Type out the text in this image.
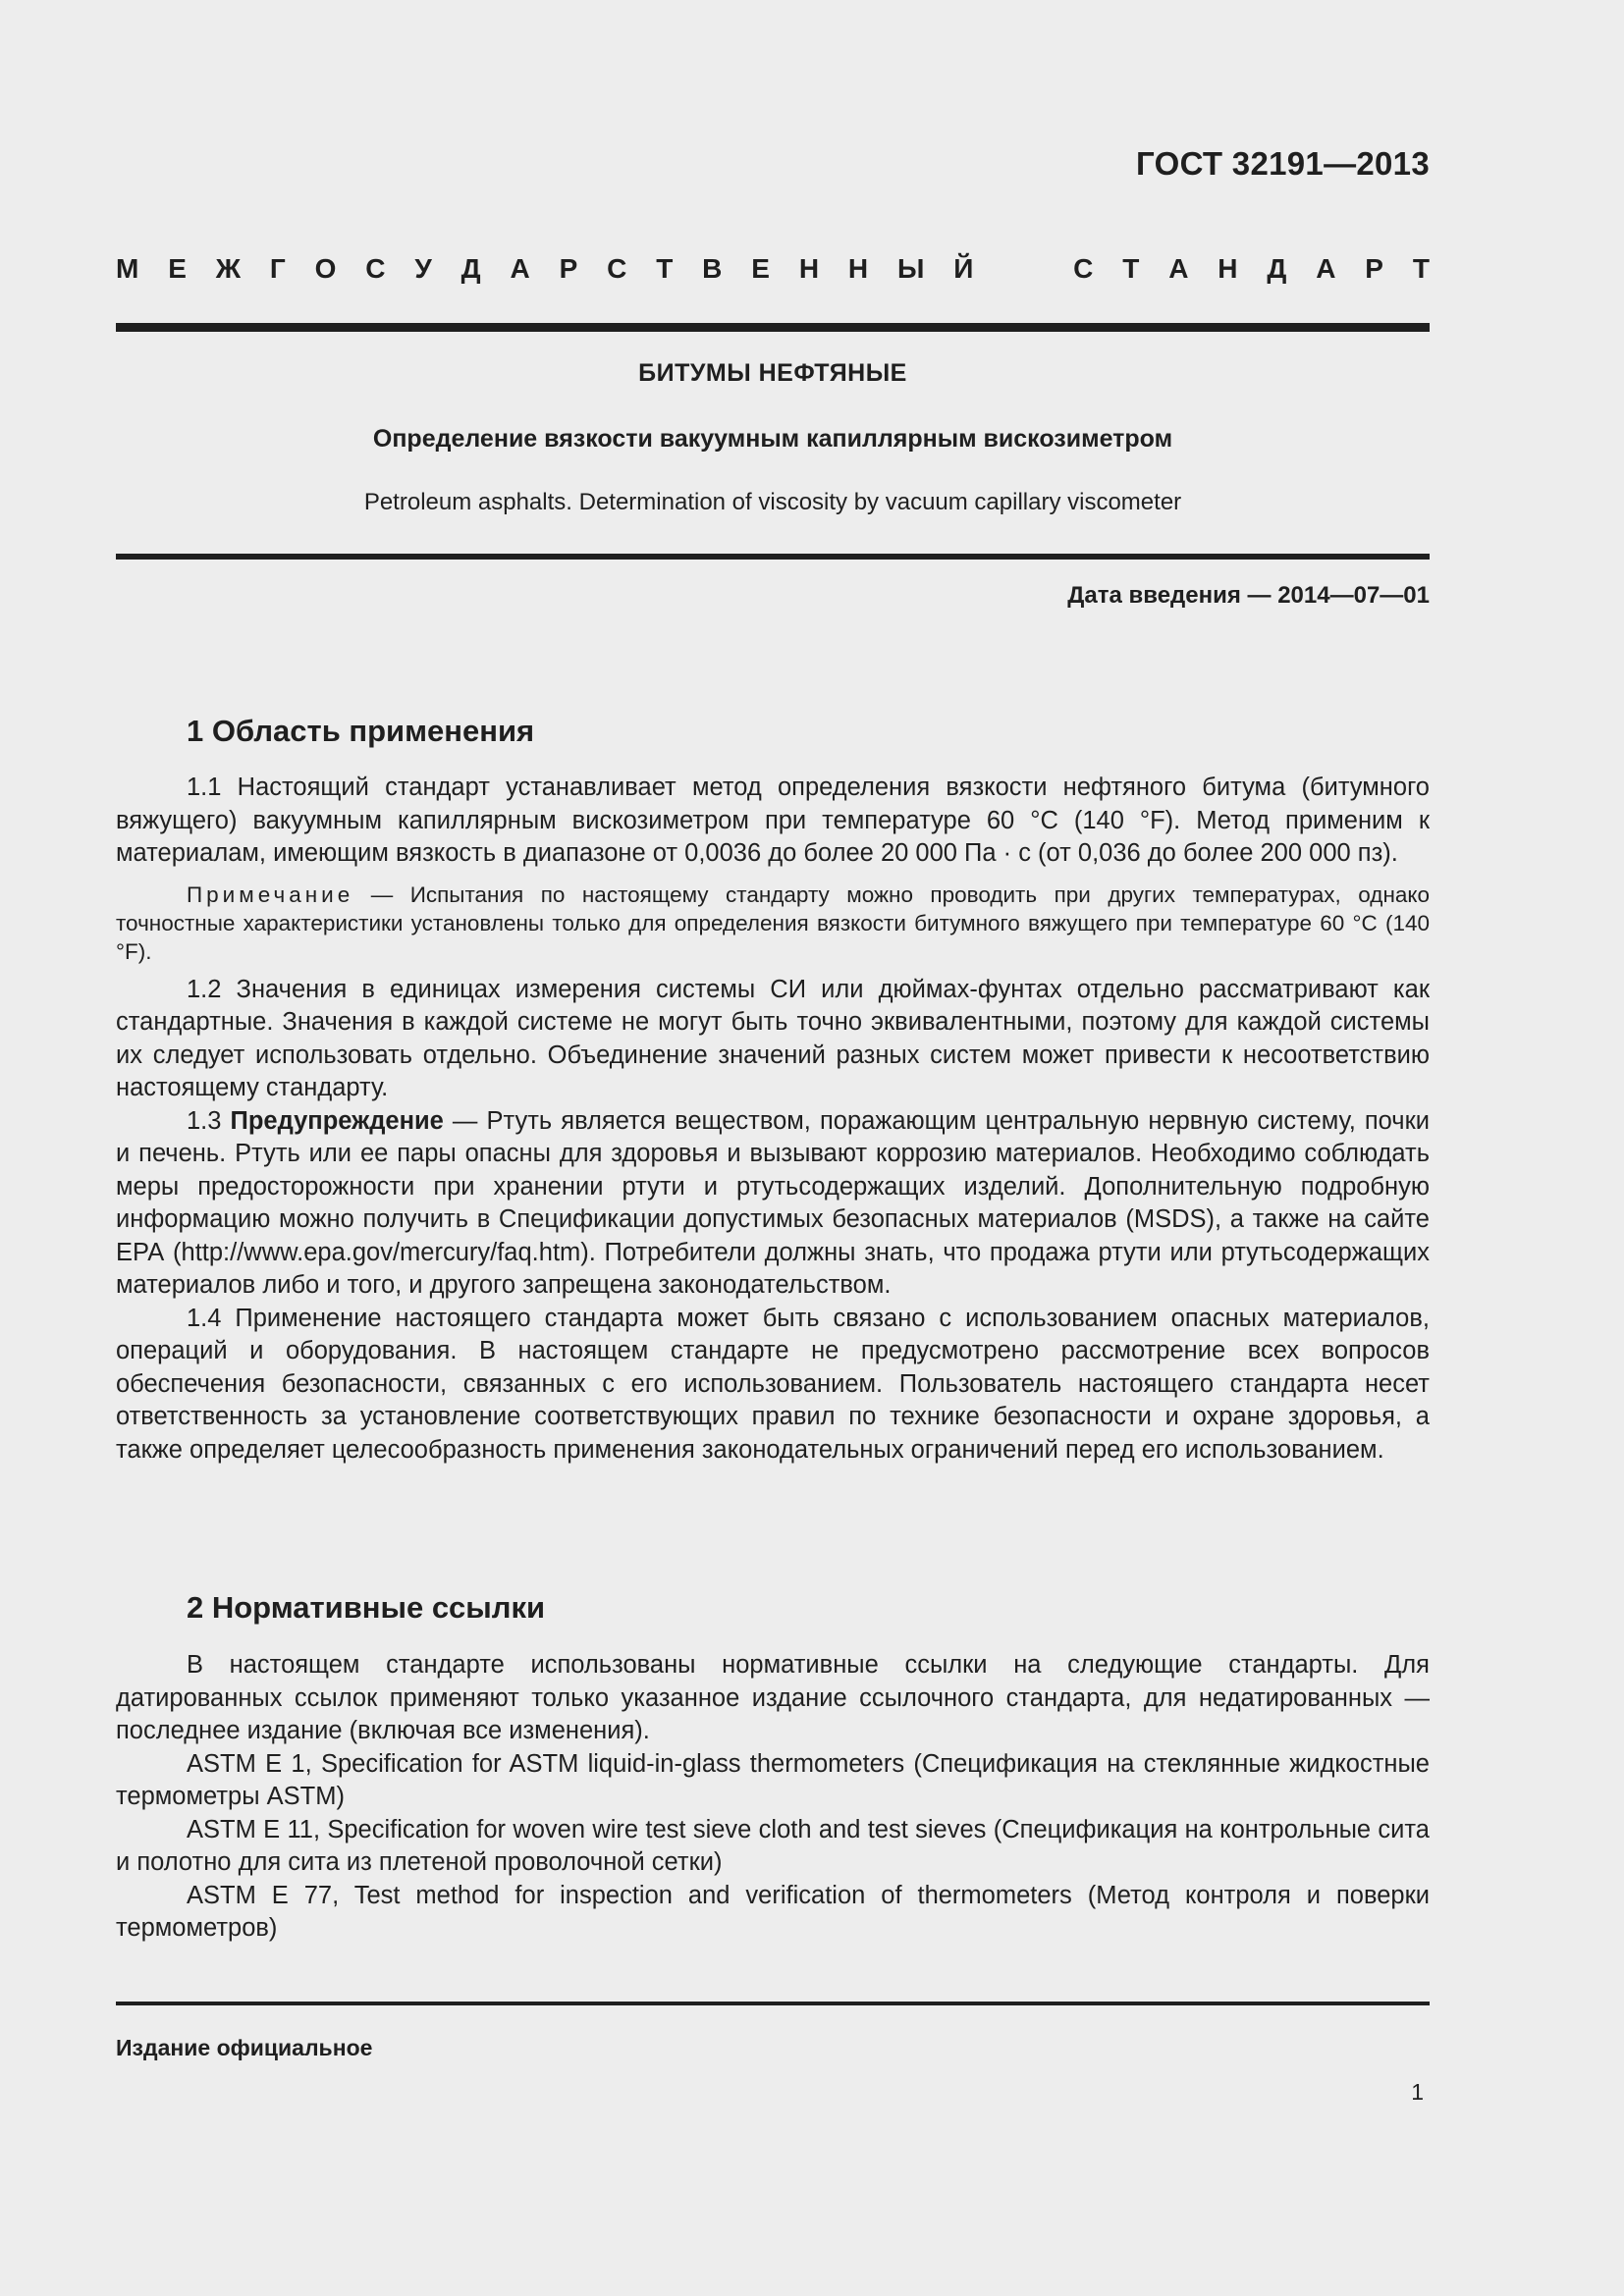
ГОСТ 32191—2013
М Е Ж Г О С У Д А Р С Т В Е Н Н Ы Й	С Т А Н Д А Р Т
БИТУМЫ НЕФТЯНЫЕ
Определение вязкости вакуумным капиллярным вискозиметром
Petroleum asphalts. Determination of viscosity by vacuum capillary viscometer
Дата введения — 2014—07—01
1 Область применения

1.1 Настоящий стандарт устанавливает метод определения вязкости нефтяного битума (битумного вяжущего) вакуумным капиллярным вискозиметром при температуре 60 °С (140 °F). Метод применим к материалам, имеющим вязкость в диапазоне от 0,0036 до более 20 000 Па · с (от 0,036 до более 200 000 пз).

Примечание — Испытания по настоящему стандарту можно проводить при других температурах, однако точностные характеристики установлены только для определения вязкости битумного вяжущего при температуре 60 °С (140 °F).

1.2 Значения в единицах измерения системы СИ или дюймах-фунтах отдельно рассматривают как стандартные. Значения в каждой системе не могут быть точно эквивалентными, поэтому для каждой системы их следует использовать отдельно. Объединение значений разных систем может привести к несоответствию настоящему стандарту.

1.3 Предупреждение — Ртуть является веществом, поражающим центральную нервную систему, почки и печень. Ртуть или ее пары опасны для здоровья и вызывают коррозию материалов. Необходимо соблюдать меры предосторожности при хранении ртути и ртутьсодержащих изделий. Дополнительную подробную информацию можно получить в Спецификации допустимых безопасных материалов (MSDS), а также на сайте ЕРА (http://www.epa.gov/mercury/faq.htm). Потребители должны знать, что продажа ртути или ртутьсодержащих материалов либо и того, и другого запрещена законодательством.

1.4 Применение настоящего стандарта может быть связано с использованием опасных материалов, операций и оборудования. В настоящем стандарте не предусмотрено рассмотрение всех вопросов обеспечения безопасности, связанных с его использованием. Пользователь настоящего стандарта несет ответственность за установление соответствующих правил по технике безопасности и охране здоровья, а также определяет целесообразность применения законодательных ограничений перед его использованием.

2 Нормативные ссылки

В настоящем стандарте использованы нормативные ссылки на следующие стандарты. Для датированных ссылок применяют только указанное издание ссылочного стандарта, для недатированных — последнее издание (включая все изменения).

ASTM E 1, Specification for ASTM liquid-in-glass thermometers (Спецификация на стеклянные жидкостные термометры ASTM)

ASTM E 11, Specification for woven wire test sieve cloth and test sieves (Спецификация на контрольные сита и полотно для сита из плетеной проволочной сетки)

ASTM E 77, Test method for inspection and verification of thermometers (Метод контроля и поверки термометров)

Издание официальное
1
